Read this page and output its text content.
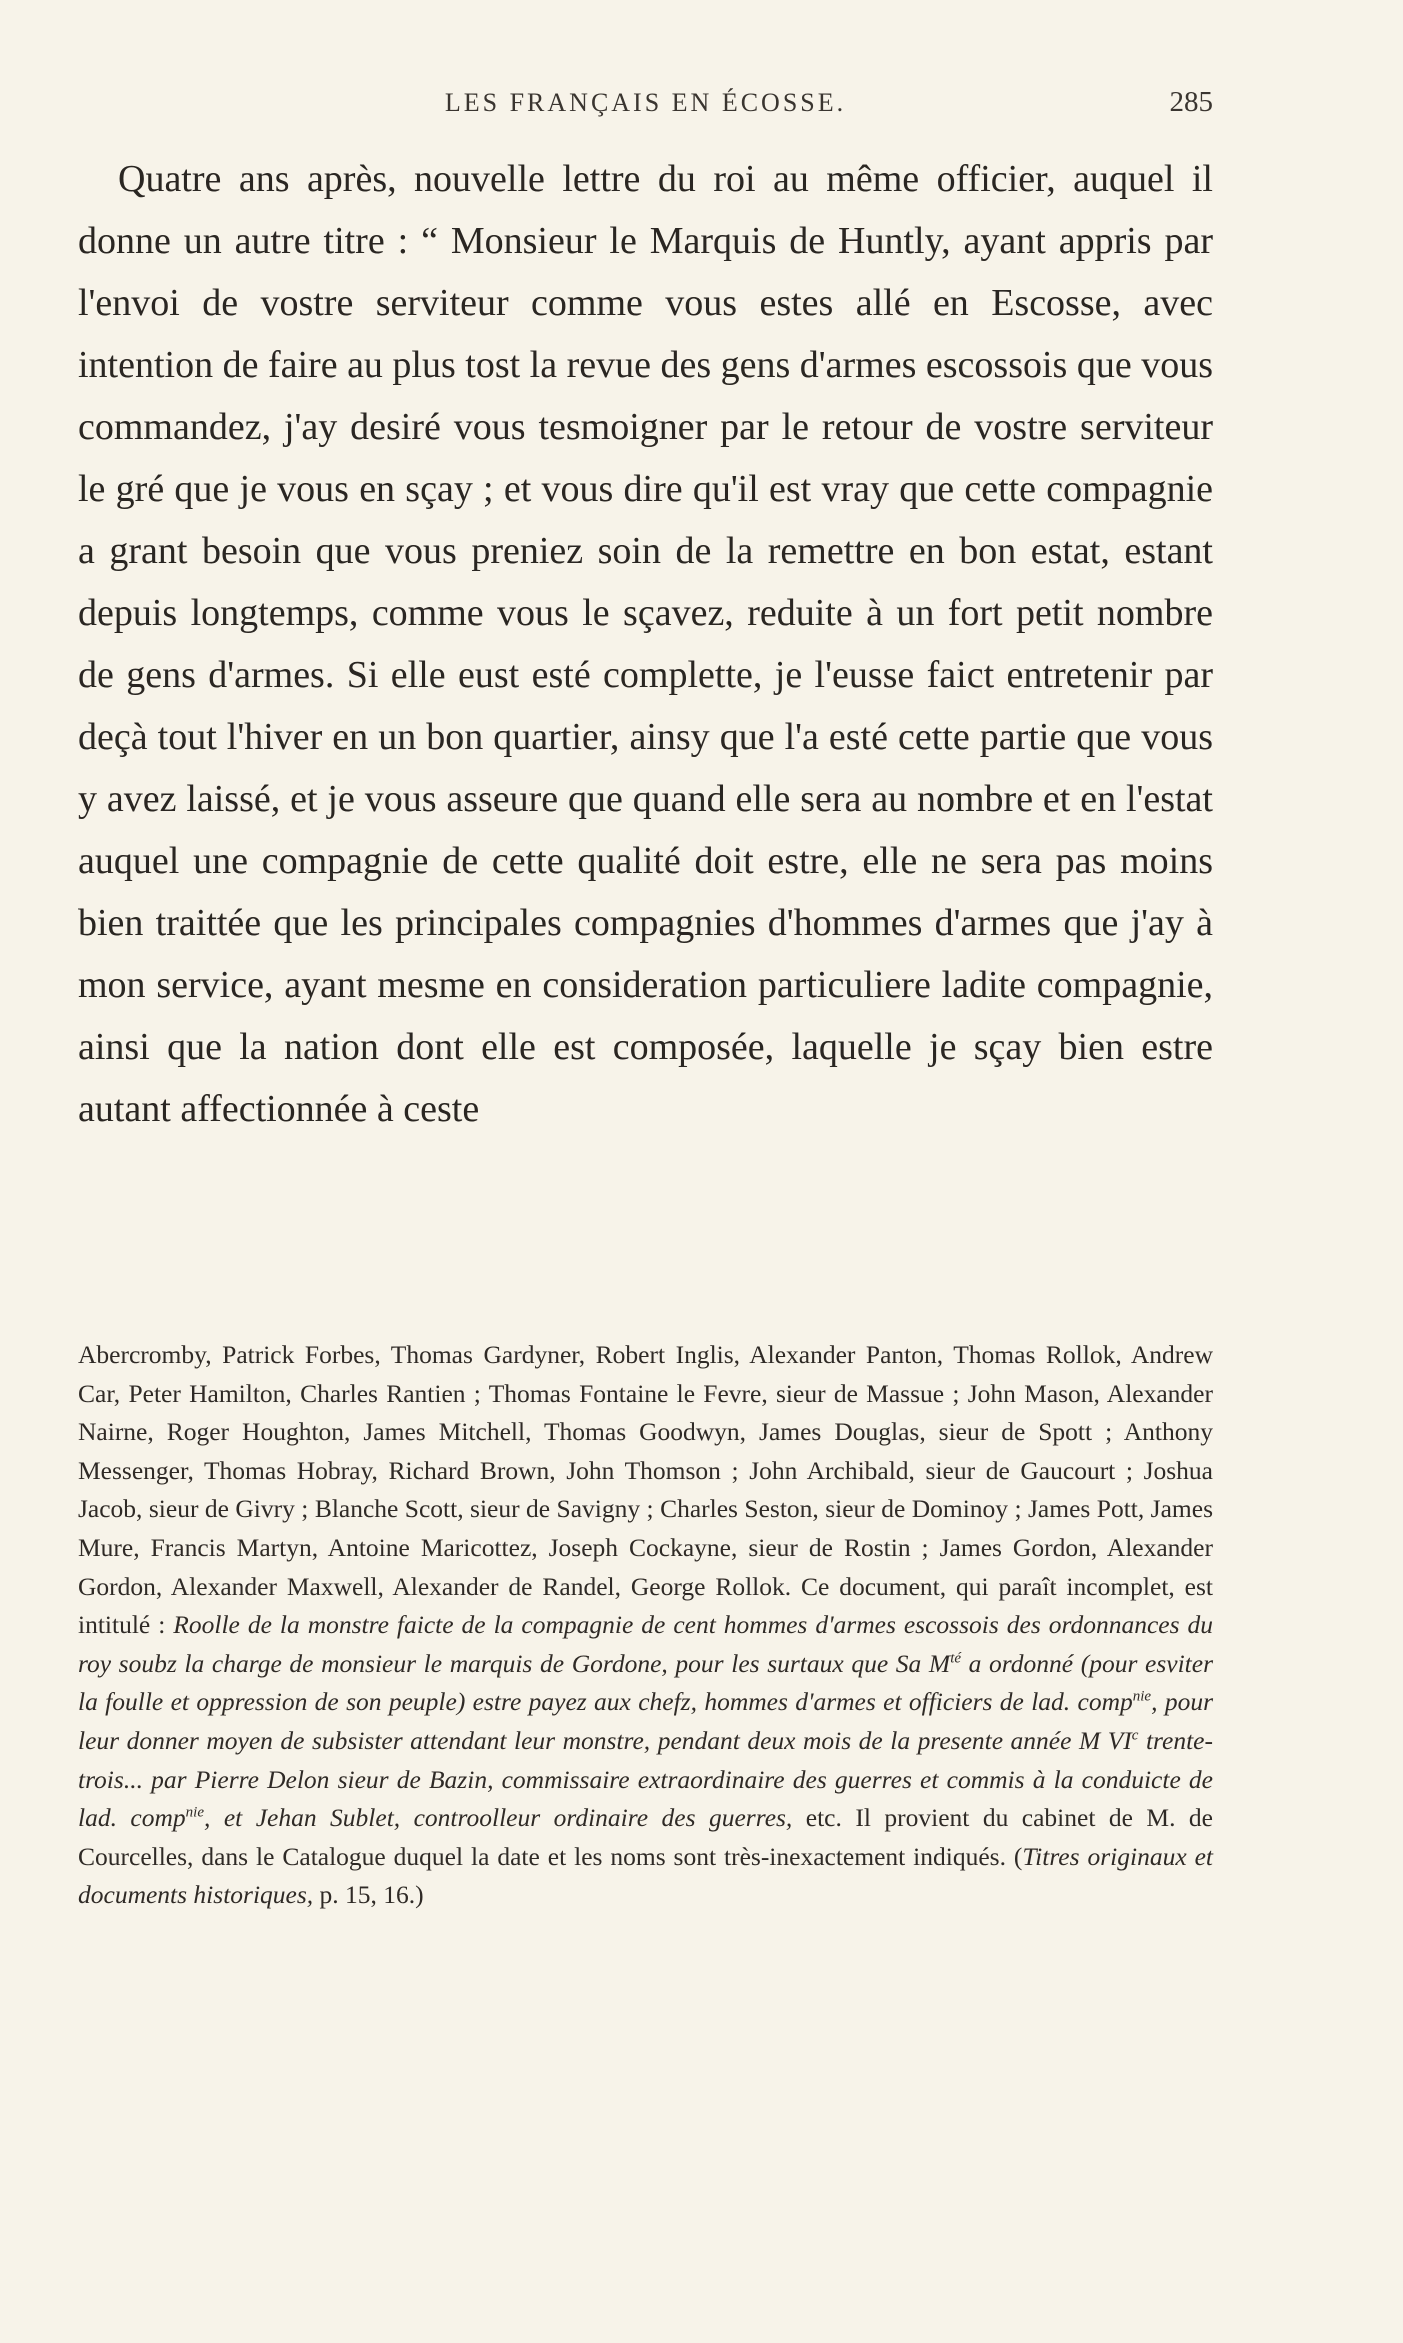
LES FRANÇAIS EN ÉCOSSE.	285

Quatre ans après, nouvelle lettre du roi au même officier, auquel il donne un autre titre : “ Monsieur le Marquis de Huntly, ayant appris par l'envoi de vostre serviteur comme vous estes allé en Escosse, avec intention de faire au plus tost la revue des gens d'armes escossois que vous commandez, j'ay desiré vous tesmoigner par le retour de vostre serviteur le gré que je vous en sçay ; et vous dire qu'il est vray que cette compagnie a grant besoin que vous preniez soin de la remettre en bon estat, estant depuis longtemps, comme vous le sçavez, reduite à un fort petit nombre de gens d'armes. Si elle eust esté complette, je l'eusse faict entretenir par deçà tout l'hiver en un bon quartier, ainsy que l'a esté cette partie que vous y avez laissé, et je vous asseure que quand elle sera au nombre et en l'estat auquel une compagnie de cette qualité doit estre, elle ne sera pas moins bien traittée que les principales compagnies d'hommes d'armes que j'ay à mon service, ayant mesme en consideration particuliere ladite compagnie, ainsi que la nation dont elle est composée, laquelle je sçay bien estre autant affectionnée à ceste

Abercromby, Patrick Forbes, Thomas Gardyner, Robert Inglis, Alexander Panton, Thomas Rollok, Andrew Car, Peter Hamilton, Charles Rantien ; Thomas Fontaine le Fevre, sieur de Massue ; John Mason, Alexander Nairne, Roger Houghton, James Mitchell, Thomas Goodwyn, James Douglas, sieur de Spott ; Anthony Messenger, Thomas Hobray, Richard Brown, John Thomson ; John Archibald, sieur de Gaucourt ; Joshua Jacob, sieur de Givry ; Blanche Scott, sieur de Savigny ; Charles Seston, sieur de Dominoy ; James Pott, James Mure, Francis Martyn, Antoine Maricottez, Joseph Cockayne, sieur de Rostin ; James Gordon, Alexander Gordon, Alexander Maxwell, Alexander de Randel, George Rollok. Ce document, qui paraît incomplet, est intitulé : Roolle de la monstre faicte de la compagnie de cent hommes d'armes escossois des ordonnances du roy soubz la charge de monsieur le marquis de Gordone, pour les surtaux que Sa $M^{té}$ a ordonné (pour esviter la foulle et oppression de son peuple) estre payez aux chefz, hommes d'armes et officiers de lad. comp$^{nie}$, pour leur donner moyen de subsister attendant leur monstre, pendant deux mois de la presente année M $VI^c$ trente-trois... par Pierre Delon sieur de Bazin, commissaire extraordinaire des guerres et commis à la conduicte de lad. comp$^{nie}$, et Jehan Sublet, controolleur ordinaire des guerres, etc. Il provient du cabinet de M. de Courcelles, dans le Catalogue duquel la date et les noms sont très-inexactement indiqués. (Titres originaux et documents historiques, p. 15, 16.)
